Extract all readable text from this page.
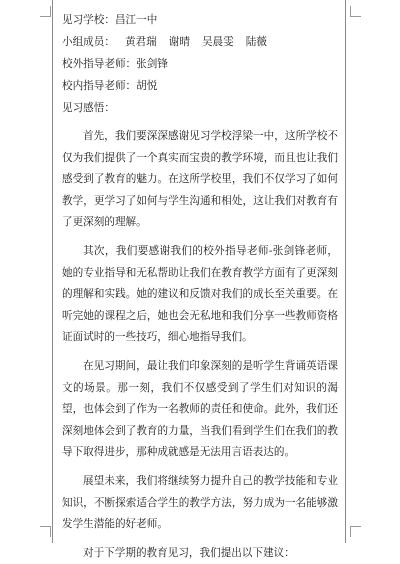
见习学校：昌江一中
小组成员： 黄君瑞 谢晴 吴晨雯 陆薇
校外指导老师：张剑锋
校内指导老师：胡悦
见习感悟：

首先，我们要深深感谢见习学校浮梁一中，这所学校不仅为我们提供了一个真实而宝贵的教学环境，而且也让我们感受到了教育的魅力。在这所学校里，我们不仅学习了如何教学，更学习了如何与学生沟通和相处，这让我们对教育有了更深刻的理解。

其次，我们要感谢我们的校外指导老师-张剑锋老师，她的专业指导和无私帮助让我们在教育教学方面有了更深刻的理解和实践。她的建议和反馈对我们的成长至关重要。在听完她的课程之后，她也会无私地和我们分享一些教师资格证面试时的一些技巧，细心地指导我们。

在见习期间，最让我们印象深刻的是听学生背诵英语课文的场景。那一刻，我们不仅感受到了学生们对知识的渴望，也体会到了作为一名教师的责任和使命。此外，我们还深刻地体会到了教育的力量，当我们看到学生们在我们的教导下取得进步，那种成就感是无法用言语表达的。

展望未来，我们将继续努力提升自己的教学技能和专业知识，不断探索适合学生的教学方法，努力成为一名能够激发学生潜能的好老师。

对于下学期的教育见习，我们提出以下建议：
